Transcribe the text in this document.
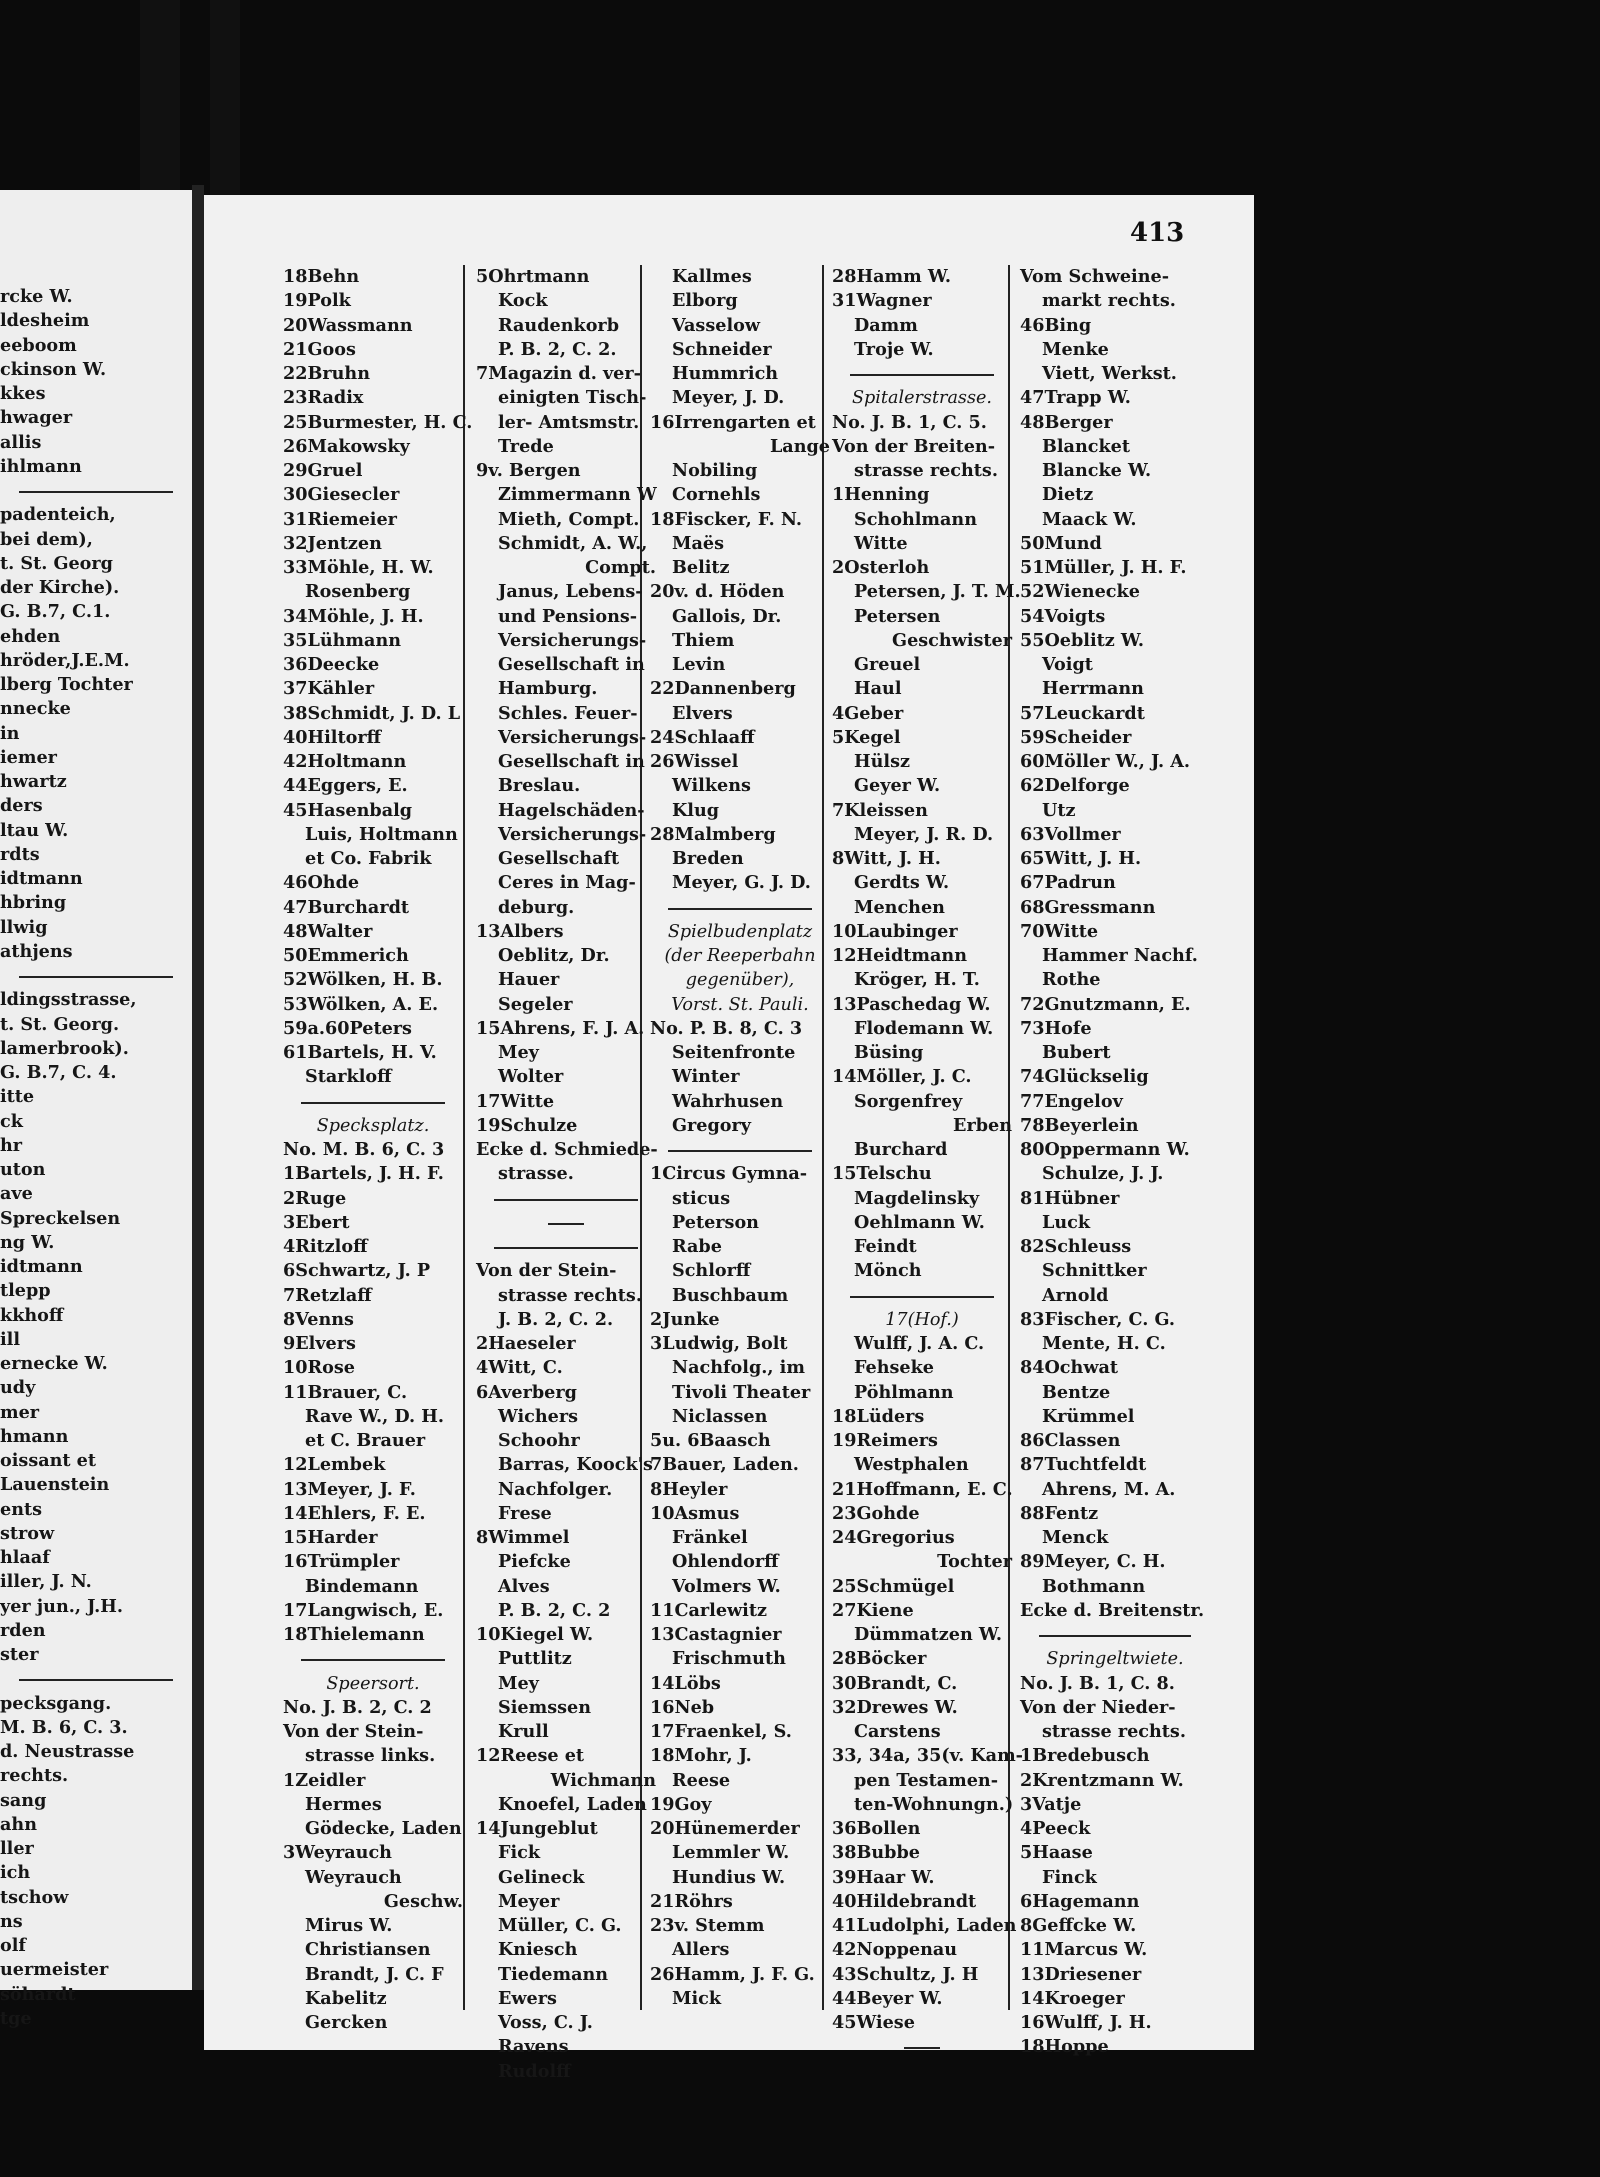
rcke W.
ldesheim
eeboom
ckinson W.
kkes
hwager
allis
ihlmann
padenteich,
bei dem),
t. St. Georg
der Kirche).
G. B.7, C.1.
ehden
hröder,J.E.M.
lberg Tochter
nnecke
in
iemer
hwartz
ders
ltau W.
rdts
idtmann
hbring
llwig
athjens
ldingsstrasse,
t. St. Georg.
lamerbrook).
G. B.7, C. 4.
itte
ck
hr
uton
ave
Spreckelsen
ng W.
idtmann
tlepp
kkhoff
ill
ernecke W.
udy
mer
hmann
oissant et
Lauenstein
ents
strow
hlaaf
iller, J. N.
yer jun., J.H.
rden
ster
pecksgang.
M. B. 6, C. 3.
d. Neustrasse
rechts.
sang
ahn
ller
ich
tschow
ns
olf
uermeister
söhardt
tge
413
18Behn
19Polk
20Wassmann
21Goos
22Bruhn
23Radix
25Burmester, H. C.
26Makowsky
29Gruel
30Giesecler
31Riemeier
32Jentzen
33Möhle, H. W.
Rosenberg
34Möhle, J. H.
35Lühmann
36Deecke
37Kähler
38Schmidt, J. D. L
40Hiltorff
42Holtmann
44Eggers, E.
45Hasenbalg
Luis, Holtmann
et Co. Fabrik
46Ohde
47Burchardt
48Walter
50Emmerich
52Wölken, H. B.
53Wölken, A. E.
59a.60Peters
61Bartels, H. V.
Starkloff
Specksplatz.
No. M. B. 6, C. 3
1Bartels, J. H. F.
2Ruge
3Ebert
4Ritzloff
6Schwartz, J. P
7Retzlaff
8Venns
9Elvers
10Rose
11Brauer, C.
Rave W., D. H.
et C. Brauer
12Lembek
13Meyer, J. F.
14Ehlers, F. E.
15Harder
16Trümpler
Bindemann
17Langwisch, E.
18Thielemann
Speersort.
No. J. B. 2, C. 2
Von der Stein-
strasse links.
1Zeidler
Hermes
Gödecke, Laden
3Weyrauch
Weyrauch
Geschw.
Mirus W.
Christiansen
Brandt, J. C. F
Kabelitz
Gercken
5Ohrtmann
Kock
Raudenkorb
P. B. 2, C. 2.
7Magazin d. ver-
einigten Tisch-
ler- Amtsmstr.
Trede
9v. Bergen
Zimmermann W
Mieth, Compt.
Schmidt, A. W.,
Compt.
Janus, Lebens-
und Pensions-
Versicherungs-
Gesellschaft in
Hamburg.
Schles. Feuer-
Versicherungs-
Gesellschaft in
Breslau.
Hagelschäden-
Versicherungs-
Gesellschaft
Ceres in Mag-
deburg.
13Albers
Oeblitz, Dr.
Hauer
Segeler
15Ahrens, F. J. A.
Mey
Wolter
17Witte
19Schulze
Ecke d. Schmiede-
strasse.
Von der Stein-
strasse rechts.
J. B. 2, C. 2.
2Haeseler
4Witt, C.
6Averberg
Wichers
Schoohr
Barras, Koock's
Nachfolger.
Frese
8Wimmel
Piefcke
Alves
P. B. 2, C. 2
10Kiegel W.
Puttlitz
Mey
Siemssen
Krull
12Reese et
Wichmann
Knoefel, Laden
14Jungeblut
Fick
Gelineck
Meyer
Müller, C. G.
Kniesch
Tiedemann
Ewers
Voss, C. J.
Ravens
Rudolff
Kallmes
Elborg
Vasselow
Schneider
Hummrich
Meyer, J. D.
16Irrengarten et
Lange
Nobiling
Cornehls
18Fiscker, F. N.
Maës
Belitz
20v. d. Höden
Gallois, Dr.
Thiem
Levin
22Dannenberg
Elvers
24Schlaaff
26Wissel
Wilkens
Klug
28Malmberg
Breden
Meyer, G. J. D.
Spielbudenplatz
(der Reeperbahn
gegenüber),
Vorst. St. Pauli.
No. P. B. 8, C. 3
Seitenfronte
Winter
Wahrhusen
Gregory
1Circus Gymna-
sticus
Peterson
Rabe
Schlorff
Buschbaum
2Junke
3Ludwig, Bolt
Nachfolg., im
Tivoli Theater
Niclassen
5u. 6Baasch
7Bauer, Laden.
8Heyler
10Asmus
Fränkel
Ohlendorff
Volmers W.
11Carlewitz
13Castagnier
Frischmuth
14Löbs
16Neb
17Fraenkel, S.
18Mohr, J.
Reese
19Goy
20Hünemerder
Lemmler W.
Hundius W.
21Röhrs
23v. Stemm
Allers
26Hamm, J. F. G.
Mick
28Hamm W.
31Wagner
Damm
Troje W.
Spitalerstrasse.
No. J. B. 1, C. 5.
Von der Breiten-
strasse rechts.
1Henning
Schohlmann
Witte
2Osterloh
Petersen, J. T. M.
Petersen
Geschwister
Greuel
Haul
4Geber
5Kegel
Hülsz
Geyer W.
7Kleissen
Meyer, J. R. D.
8Witt, J. H.
Gerdts W.
Menchen
10Laubinger
12Heidtmann
Kröger, H. T.
13Paschedag W.
Flodemann W.
Büsing
14Möller, J. C.
Sorgenfrey
Erben
Burchard
15Telschu
Magdelinsky
Oehlmann W.
Feindt
Mönch
17(Hof.)
Wulff, J. A. C.
Fehseke
Pöhlmann
18Lüders
19Reimers
Westphalen
21Hoffmann, E. C.
23Gohde
24Gregorius
Tochter
25Schmügel
27Kiene
Dümmatzen W.
28Böcker
30Brandt, C.
32Drewes W.
Carstens
33, 34a, 35(v. Kam-
pen Testamen-
ten-Wohnungn.)
36Bollen
38Bubbe
39Haar W.
40Hildebrandt
41Ludolphi, Laden
42Noppenau
43Schultz, J. H
44Beyer W.
45Wiese
Vom Schweine-
markt rechts.
46Bing
Menke
Viett, Werkst.
47Trapp W.
48Berger
Blancket
Blancke W.
Dietz
Maack W.
50Mund
51Müller, J. H. F.
52Wienecke
54Voigts
55Oeblitz W.
Voigt
Herrmann
57Leuckardt
59Scheider
60Möller W., J. A.
62Delforge
Utz
63Vollmer
65Witt, J. H.
67Padrun
68Gressmann
70Witte
Hammer Nachf.
Rothe
72Gnutzmann, E.
73Hofe
Bubert
74Glückselig
77Engelov
78Beyerlein
80Oppermann W.
Schulze, J. J.
81Hübner
Luck
82Schleuss
Schnittker
Arnold
83Fischer, C. G.
Mente, H. C.
84Ochwat
Bentze
Krümmel
86Classen
87Tuchtfeldt
Ahrens, M. A.
88Fentz
Menck
89Meyer, C. H.
Bothmann
Ecke d. Breitenstr.
Springeltwiete.
No. J. B. 1, C. 8.
Von der Nieder-
strasse rechts.
1Bredebusch
2Krentzmann W.
3Vatje
4Peeck
5Haase
Finck
6Hagemann
8Geffcke W.
11Marcus W.
13Driesener
14Kroeger
16Wulff, J. H.
18Hoppe
